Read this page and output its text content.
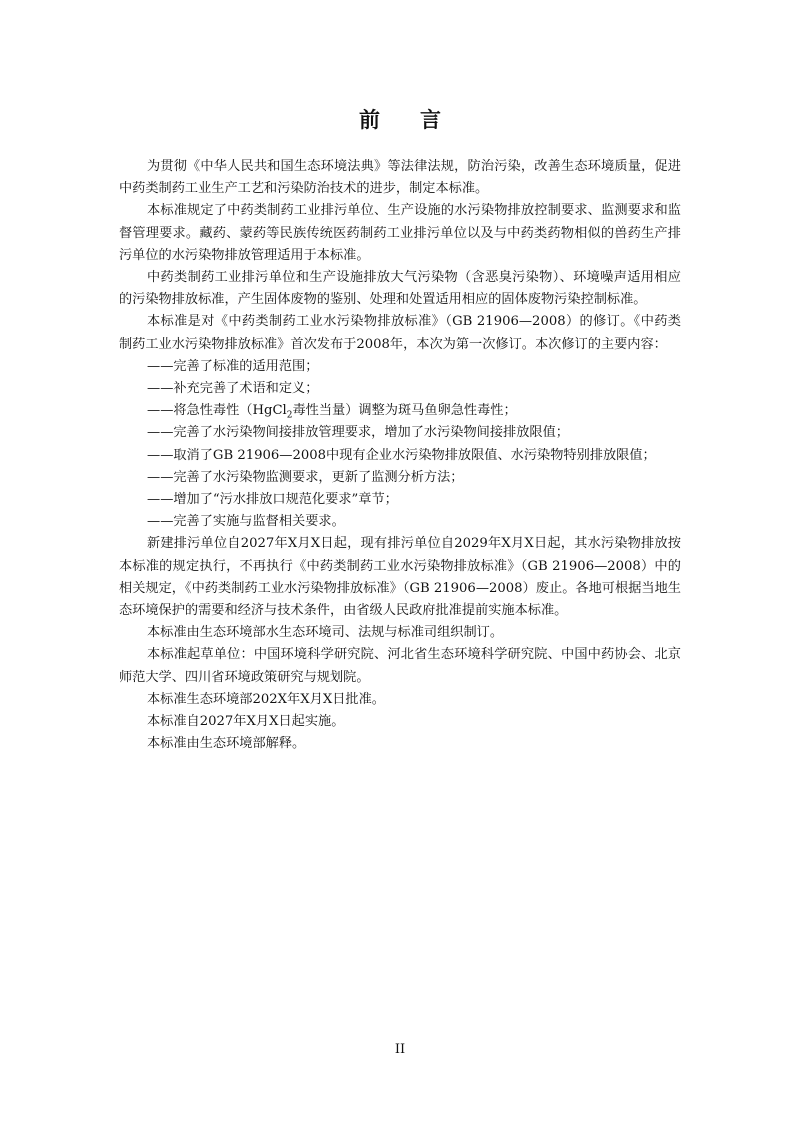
前言

为贯彻《中华人民共和国生态环境法典》等法律法规，防治污染，改善生态环境质量，促进中药类制药工业生产工艺和污染防治技术的进步，制定本标准。

本标准规定了中药类制药工业排污单位、生产设施的水污染物排放控制要求、监测要求和监督管理要求。藏药、蒙药等民族传统医药制药工业排污单位以及与中药类药物相似的兽药生产排污单位的水污染物排放管理适用于本标准。

中药类制药工业排污单位和生产设施排放大气污染物（含恶臭污染物）、环境噪声适用相应的污染物排放标准，产生固体废物的鉴别、处理和处置适用相应的固体废物污染控制标准。

本标准是对《中药类制药工业水污染物排放标准》（GB 21906—2008）的修订。《中药类制药工业水污染物排放标准》首次发布于2008年，本次为第一次修订。本次修订的主要内容：

——完善了标准的适用范围；

——补充完善了术语和定义；

——将急性毒性（HgCl$_2$毒性当量）调整为斑马鱼卵急性毒性；

——完善了水污染物间接排放管理要求，增加了水污染物间接排放限值；

——取消了GB 21906—2008中现有企业水污染物排放限值、水污染物特别排放限值；

——完善了水污染物监测要求，更新了监测分析方法；

——增加了“污水排放口规范化要求”章节；

——完善了实施与监督相关要求。

新建排污单位自2027年X月X日起，现有排污单位自2029年X月X日起，其水污染物排放按本标准的规定执行，不再执行《中药类制药工业水污染物排放标准》（GB 21906—2008）中的相关规定，《中药类制药工业水污染物排放标准》（GB 21906—2008）废止。各地可根据当地生态环境保护的需要和经济与技术条件，由省级人民政府批准提前实施本标准。

本标准由生态环境部水生态环境司、法规与标准司组织制订。

本标准起草单位：中国环境科学研究院、河北省生态环境科学研究院、中国中药协会、北京师范大学、四川省环境政策研究与规划院。

本标准生态环境部202X年X月X日批准。

本标准自2027年X月X日起实施。

本标准由生态环境部解释。

II
